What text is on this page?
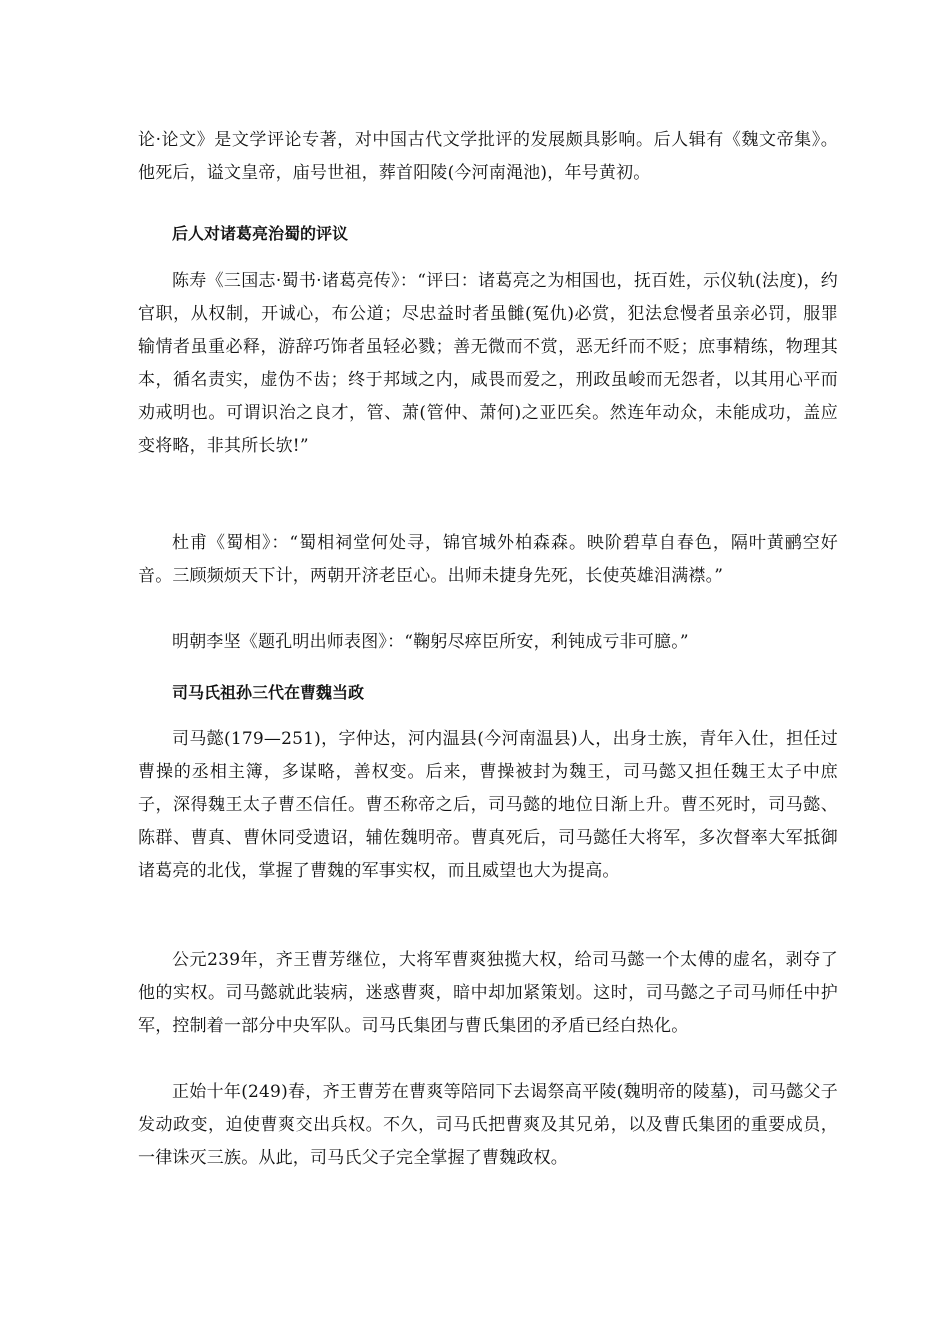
论·论文》是文学评论专著，对中国古代文学批评的发展颇具影响。后人辑有《魏文帝集》。他死后，谥文皇帝，庙号世祖，葬首阳陵(今河南渑池)，年号黄初。

后人对诸葛亮治蜀的评议

陈寿《三国志·蜀书·诸葛亮传》：“评曰：诸葛亮之为相国也，抚百姓，示仪轨(法度)，约官职，从权制，开诚心，布公道；尽忠益时者虽雠(冤仇)必赏，犯法怠慢者虽亲必罚，服罪输情者虽重必释，游辞巧饰者虽轻必戮；善无微而不赏，恶无纤而不贬；庶事精练，物理其本，循名责实，虚伪不齿；终于邦域之内，咸畏而爱之，刑政虽峻而无怨者，以其用心平而劝戒明也。可谓识治之良才，管、萧(管仲、萧何)之亚匹矣。然连年动众，未能成功，盖应变将略，非其所长欤!”

杜甫《蜀相》：“蜀相祠堂何处寻，锦官城外柏森森。映阶碧草自春色，隔叶黄鹂空好音。三顾频烦天下计，两朝开济老臣心。出师未捷身先死，长使英雄泪满襟。”

明朝李坚《题孔明出师表图》：“鞠躬尽瘁臣所安，利钝成亏非可臆。”

司马氏祖孙三代在曹魏当政

司马懿(179—251)，字仲达，河内温县(今河南温县)人，出身士族，青年入仕，担任过曹操的丞相主簿，多谋略，善权变。后来，曹操被封为魏王，司马懿又担任魏王太子中庶子，深得魏王太子曹丕信任。曹丕称帝之后，司马懿的地位日渐上升。曹丕死时，司马懿、陈群、曹真、曹休同受遗诏，辅佐魏明帝。曹真死后，司马懿任大将军，多次督率大军抵御诸葛亮的北伐，掌握了曹魏的军事实权，而且威望也大为提高。

公元239年，齐王曹芳继位，大将军曹爽独揽大权，给司马懿一个太傅的虚名，剥夺了他的实权。司马懿就此装病，迷惑曹爽，暗中却加紧策划。这时，司马懿之子司马师任中护军，控制着一部分中央军队。司马氏集团与曹氏集团的矛盾已经白热化。

正始十年(249)春，齐王曹芳在曹爽等陪同下去谒祭高平陵(魏明帝的陵墓)，司马懿父子发动政变，迫使曹爽交出兵权。不久，司马氏把曹爽及其兄弟，以及曹氏集团的重要成员，一律诛灭三族。从此，司马氏父子完全掌握了曹魏政权。
